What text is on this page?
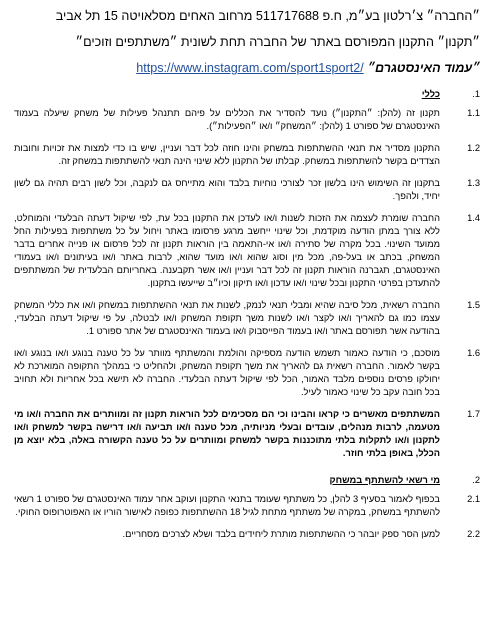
״החברה״ צ׳רלטון בע״מ, ח.פ 511717688 מרחוב האחים מסלאויטה 15 תל אביב
״תקנון״ התקנון המפורסם באתר של החברה תחת לשונית ״משתתפים וזוכים״
״עמוד האינסטגרם״ https://www.instagram.com/sport1sport2/
1.
כללי
1.1
תקנון זה (להלן: ״התקנון״) נועד להסדיר את הכללים על פיהם תתנהל פעילות של משחק שיעלה בעמוד האינסטגרם של ספורט 1 (להלן: ״המשחק״ ו/או ״הפעילות״).
1.2
התקנון מסדיר את תנאי ההשתתפות במשחק והינו חוזה לכל דבר ועניין, שיש בו כדי למצות את זכויות וחובות הצדדים בקשר להשתתפות במשחק. קבלתו של התקנון ללא שינוי הינה תנאי להשתתפות במשחק זה.
1.3
בתקנון זה השימוש הינו בלשון זכר לצורכי נוחיות בלבד והוא מתייחס גם לנקבה, וכל לשון רבים תהיה גם לשון יחיד, ולהפך.
1.4
החברה שומרת לעצמה את הזכות לשנות ו/או לעדכן את התקנון בכל עת, לפי שיקול דעתה הבלעדי והמוחלט, ללא צורך במתן הודעה מוקדמת, וכל שינוי ייחשב מרגע פרסומו באתר ויחול על כל משתתפות בפעילות החל ממועד השינוי. בכל מקרה של סתירה ו/או אי-התאמה בין הוראות תקנון זה לכל פרסום או פנייה אחרים בדבר המשחק, בכתב או בעל-פה, מכל מין וסוג שהוא ו/או מועד שהוא, לרבות באתר ו/או בעיתונים ו/או בעמודי האינסטגרם, תגברנה הוראות תקנון זה לכל דבר ועניין ו/או אשר תקבענה. באחריותם הבלעדית של המשתתפים להתעדכן בפרטי התקנון ובכל שינוי ו/או עדכון ו/או תיקון וכיו״ב שייעשו בתקנון.
1.5
החברה רשאית, מכל סיבה שהיא ומבלי תנאי לנמק, לשנות את תנאי ההשתתפות במשחק ו/או את כללי המשחק עצמו כמו גם להאריך ו/או לקצר ו/או לשנות משך תקופת המשחק ו/או לבטלה, על פי שיקול דעתה הבלעדי, בהודעה אשר תפורסם באתר ו/או בעמוד הפייסבוק ו/או בעמוד האינסטגרם של אתר ספורט 1.
1.6
מוסכם, כי הודעה כאמור תשמש הודעה מספיקה והולמת והמשתתף מוותר על כל טענה בנוגע ו/או בנוגע ו/או בקשר לאמור. החברה רשאית גם להאריך את משך תקופת המשחק, ולהחליט כי במהלך התקופה המוארכת לא יחולקו פרסים נוספים מלבד האמור, הכל לפי שיקול דעתה הבלעדי. החברה לא תישא בכל אחריות ולא תחויב בכל חובה עקב כל שינוי כאמור לעיל.
1.7
המשתתפים מאשרים כי קראו והבינו וכי הם מסכימים לכל הוראות תקנון זה ומוותרים את החברה ו/או מי מטעמה, לרבות מנהלים, עובדים ובעלי מניותיה, מכל טענה ו/או תביעה ו/או דרישה בקשר למשחק ו/או לתקנון ו/או לתקלות בלתי מתוכננות בקשר למשחק ומוותרים על כל טענה הקשורה באלה, בלא יוצא מן הכלל, באופן בלתי חוזר.
2.
מי רשאי להשתתף במשחק
2.1
בכפוף לאמור בסעיף 3 להלן, כל משתתף שעומד בתנאי התקנון ועוקב אחר עמוד האינסטגרם של ספורט 1 רשאי להשתתף במשחק, במקרה של משתתף מתחת לגיל 18 ההשתתפות כפופה לאישור הוריו או האפוטרופוס החוקי.
2.2
למען הסר ספק יובהר כי ההשתתפות מותרת ליחידים בלבד ושלא לצרכים מסחריים.
